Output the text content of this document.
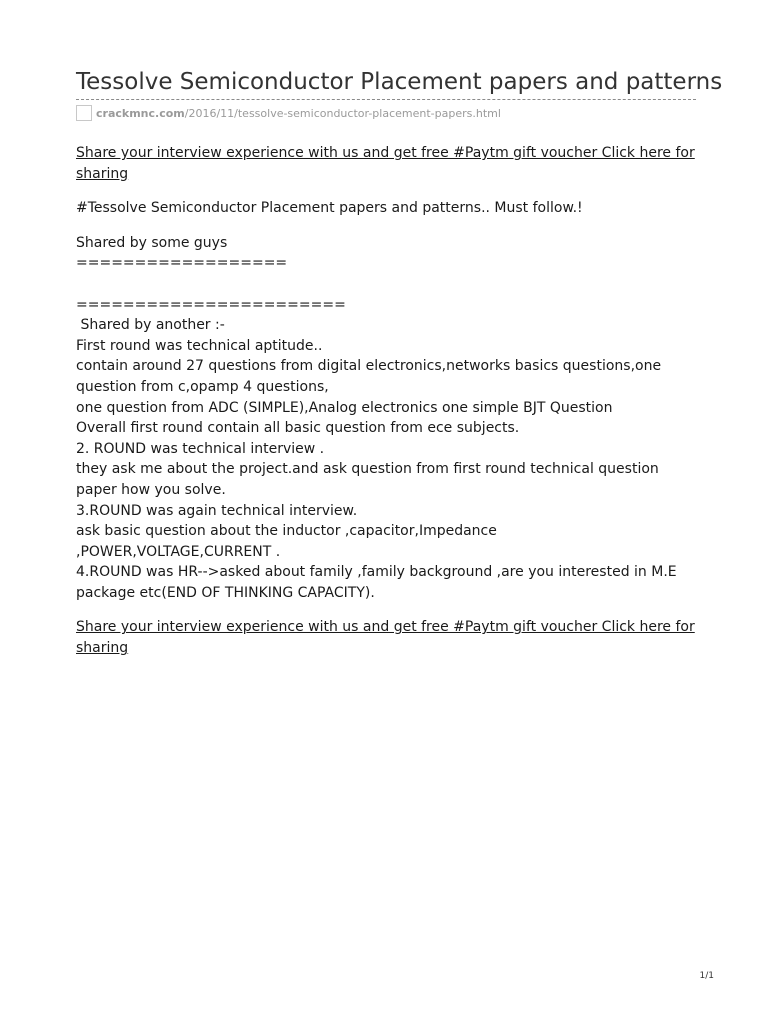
Tessolve Semiconductor Placement papers and patterns
crackmnc.com /2016/11/tessolve-semiconductor-placement-papers.html

Share your interview experience with us and get free #Paytm gift voucher Click here for sharing

#Tessolve Semiconductor Placement papers and patterns.. Must follow.!

Shared by some guys
==================
=======================
Shared by another :-
First round was technical aptitude..
contain around 27 questions from digital electronics,networks basics questions,one question from c,opamp 4 questions,
one question from ADC (SIMPLE),Analog electronics one simple BJT Question
Overall first round contain all basic question from ece subjects.
2. ROUND was technical interview .
they ask me about the project.and ask question from first round technical question paper how you solve.
3.ROUND was again technical interview.
ask basic question about the inductor ,capacitor,Impedance ,POWER,VOLTAGE,CURRENT .
4.ROUND was HR-->asked about family ,family background ,are you interested in M.E package etc(END OF THINKING CAPACITY).

Share your interview experience with us and get free #Paytm gift voucher Click here for sharing

1/1
